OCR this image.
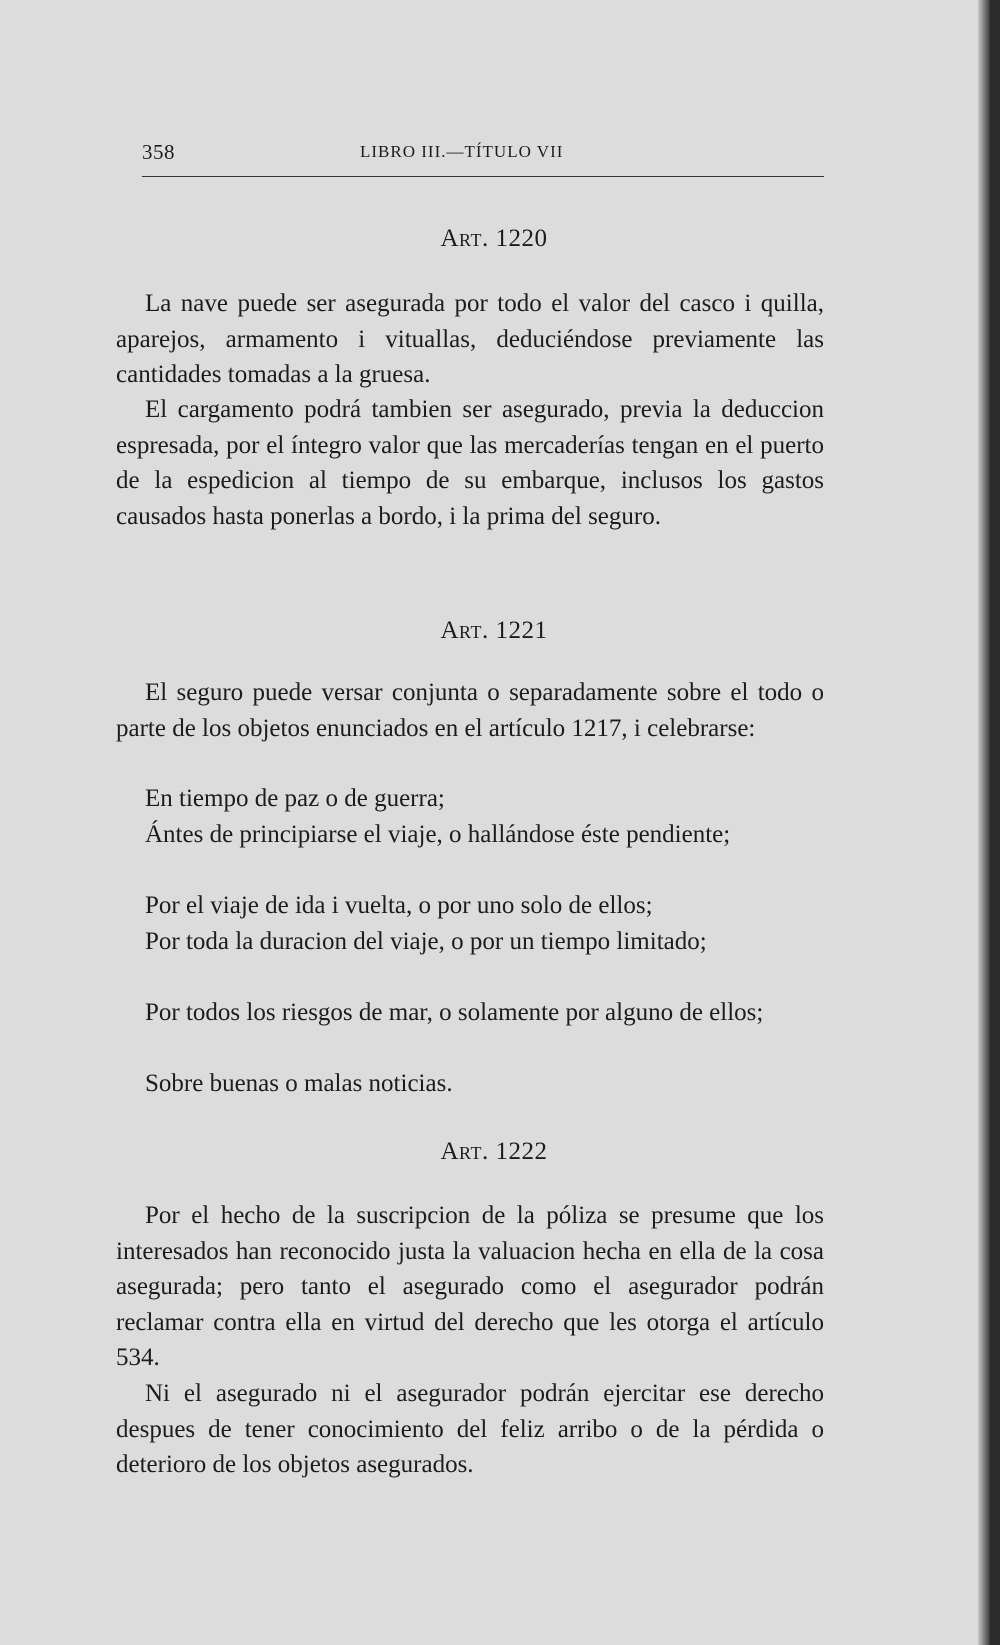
358	LIBRO III.—TÍTULO VII
Art. 1220

La nave puede ser asegurada por todo el valor del casco i quilla, aparejos, armamento i vituallas, deduciéndose previamente las cantidades tomadas a la gruesa.

El cargamento podrá tambien ser asegurado, previa la deduccion espresada, por el íntegro valor que las mercaderías tengan en el puerto de la espedicion al tiempo de su embarque, inclusos los gastos causados hasta ponerlas a bordo, i la prima del seguro.

Art. 1221

El seguro puede versar conjunta o separadamente sobre el todo o parte de los objetos enunciados en el artículo 1217, i celebrarse:

En tiempo de paz o de guerra;

Ántes de principiarse el viaje, o hallándose éste pendiente;

Por el viaje de ida i vuelta, o por uno solo de ellos;

Por toda la duracion del viaje, o por un tiempo limitado;

Por todos los riesgos de mar, o solamente por alguno de ellos;

Sobre buenas o malas noticias.

Art. 1222

Por el hecho de la suscripcion de la póliza se presume que los interesados han reconocido justa la valuacion hecha en ella de la cosa asegurada; pero tanto el asegurado como el asegurador podrán reclamar contra ella en virtud del derecho que les otorga el artículo 534.

Ni el asegurado ni el asegurador podrán ejercitar ese derecho despues de tener conocimiento del feliz arribo o de la pérdida o deterioro de los objetos asegurados.
